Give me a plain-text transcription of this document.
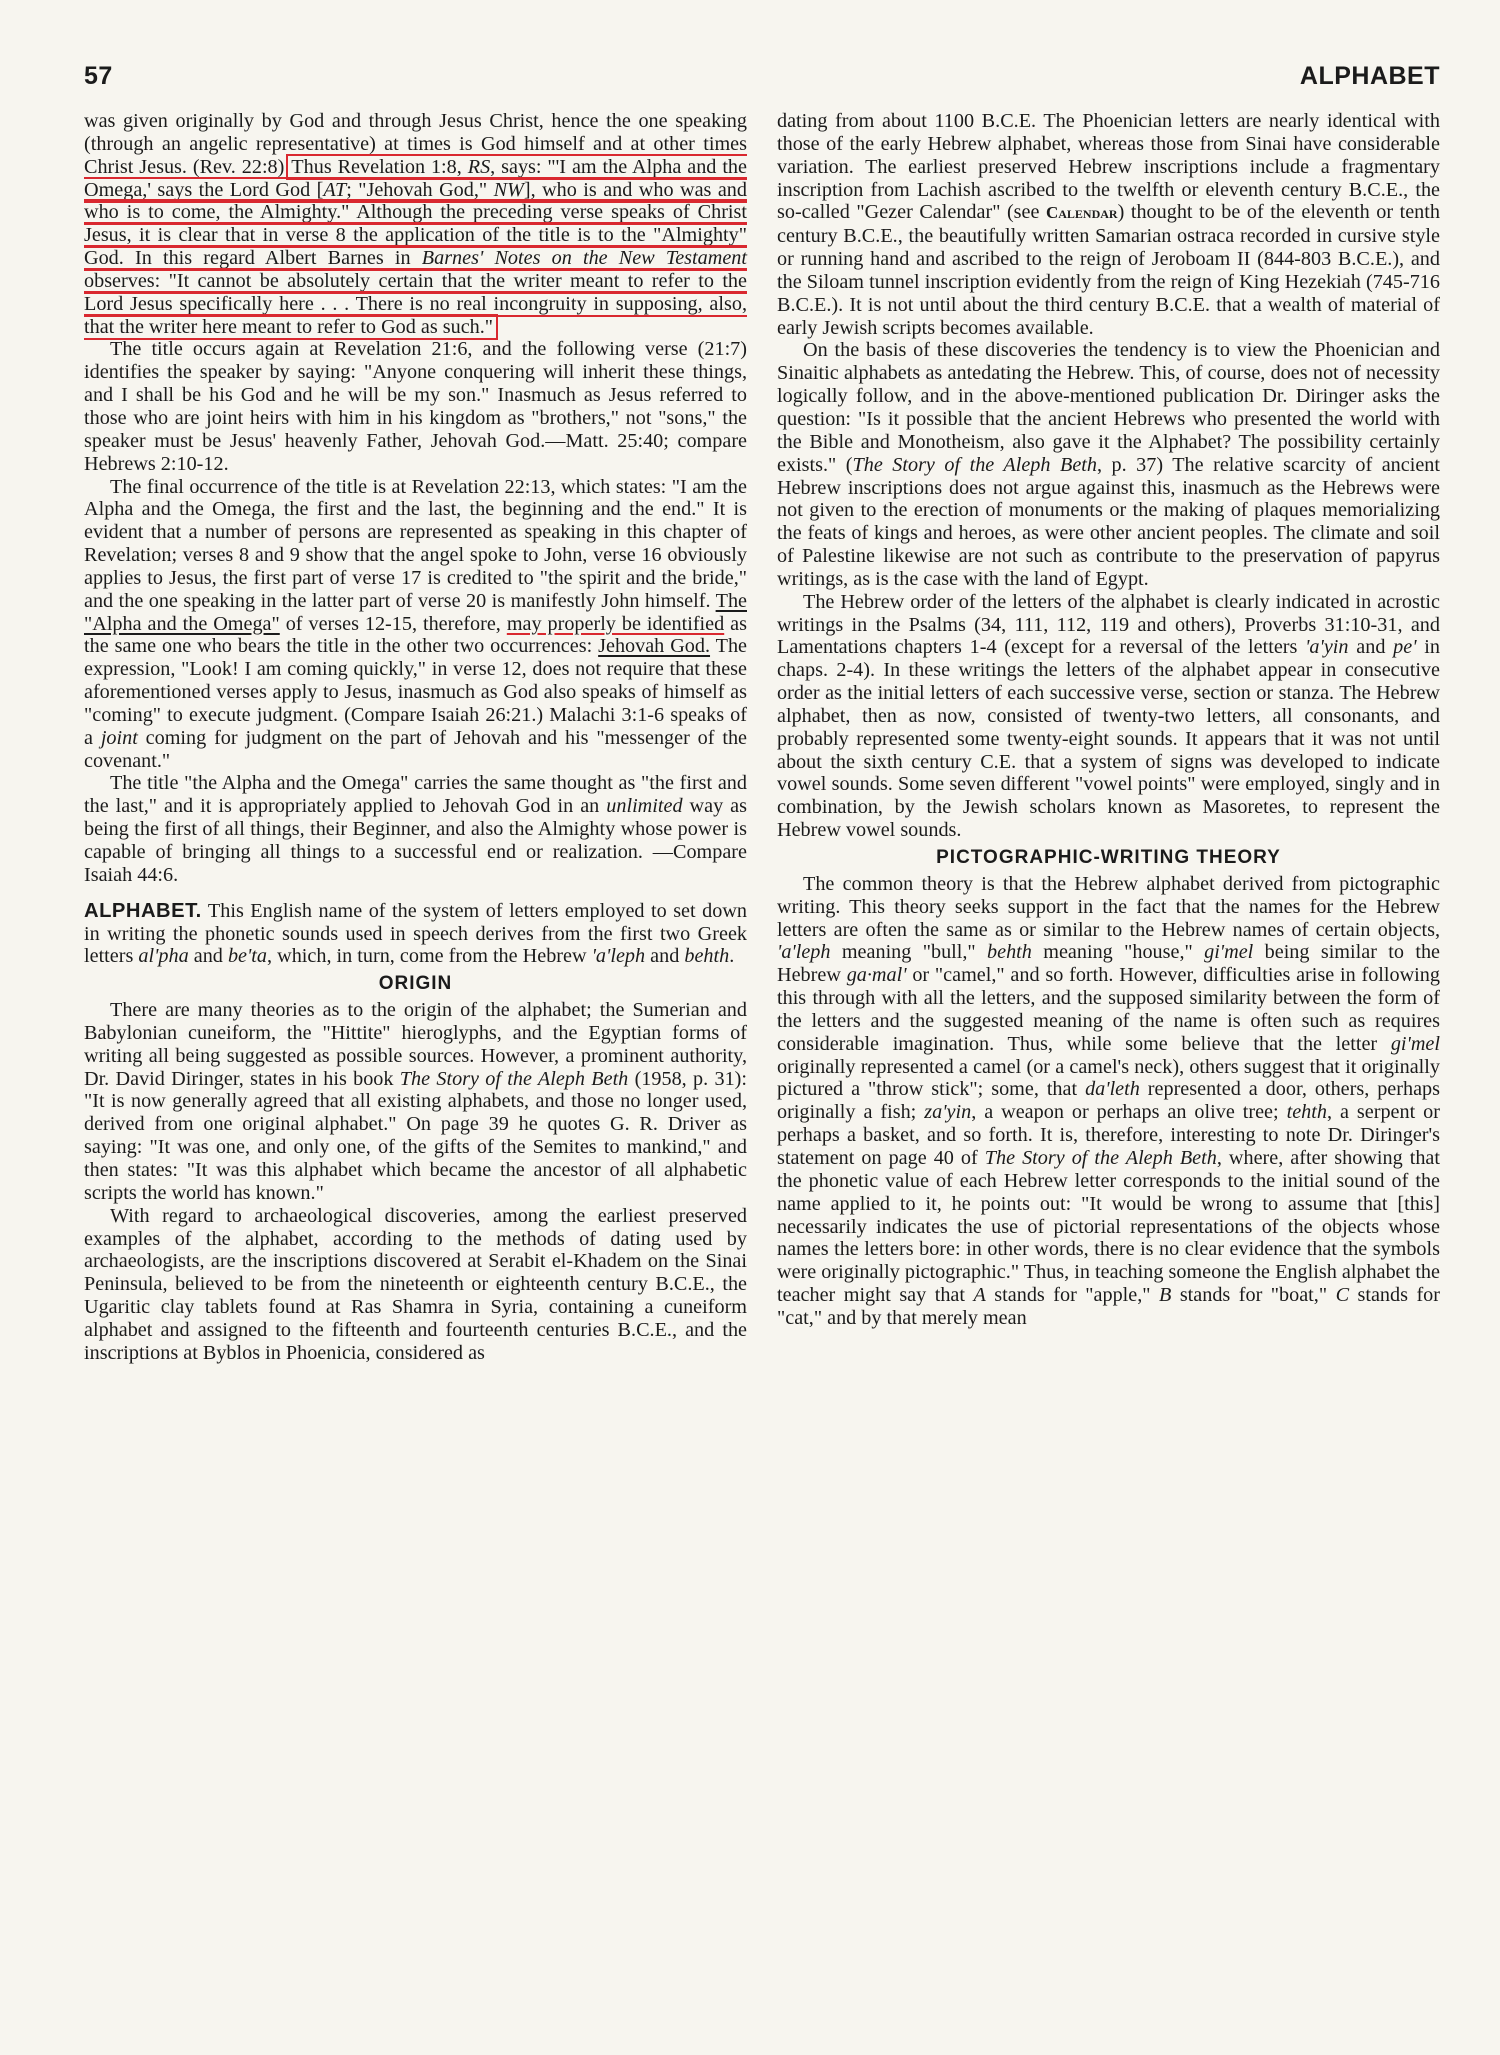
57	ALPHABET

was given originally by God and through Jesus Christ, hence the one speaking (through an angelic representative) at times is God himself and at other times Christ Jesus. (Rev. 22:8) Thus Revelation 1:8, RS, says: "'I am the Alpha and the Omega,' says the Lord God [AT; "Jehovah God," NW], who is and who was and who is to come, the Almighty." Although the preceding verse speaks of Christ Jesus, it is clear that in verse 8 the application of the title is to the "Almighty" God. In this regard Albert Barnes in Barnes' Notes on the New Testament observes: "It cannot be absolutely certain that the writer meant to refer to the Lord Jesus specifically here . . . There is no real incongruity in supposing, also, that the writer here meant to refer to God as such."

The title occurs again at Revelation 21:6, and the following verse (21:7) identifies the speaker by saying: "Anyone conquering will inherit these things, and I shall be his God and he will be my son." Inasmuch as Jesus referred to those who are joint heirs with him in his kingdom as "brothers," not "sons," the speaker must be Jesus' heavenly Father, Jehovah God.—Matt. 25:40; compare Hebrews 2:10-12.

The final occurrence of the title is at Revelation 22:13, which states: "I am the Alpha and the Omega, the first and the last, the beginning and the end." It is evident that a number of persons are represented as speaking in this chapter of Revelation; verses 8 and 9 show that the angel spoke to John, verse 16 obviously applies to Jesus, the first part of verse 17 is credited to "the spirit and the bride," and the one speaking in the latter part of verse 20 is manifestly John himself. The "Alpha and the Omega" of verses 12-15, therefore, may properly be identified as the same one who bears the title in the other two occurrences: Jehovah God. The expression, "Look! I am coming quickly," in verse 12, does not require that these aforementioned verses apply to Jesus, inasmuch as God also speaks of himself as "coming" to execute judgment. (Compare Isaiah 26:21.) Malachi 3:1-6 speaks of a joint coming for judgment on the part of Jehovah and his "messenger of the covenant."

The title "the Alpha and the Omega" carries the same thought as "the first and the last," and it is appropriately applied to Jehovah God in an unlimited way as being the first of all things, their Beginner, and also the Almighty whose power is capable of bringing all things to a successful end or realization. —Compare Isaiah 44:6.

ALPHABET. This English name of the system of letters employed to set down in writing the phonetic sounds used in speech derives from the first two Greek letters al'pha and be'ta, which, in turn, come from the Hebrew 'a'leph and behth.

ORIGIN

There are many theories as to the origin of the alphabet; the Sumerian and Babylonian cuneiform, the "Hittite" hieroglyphs, and the Egyptian forms of writing all being suggested as possible sources. However, a prominent authority, Dr. David Diringer, states in his book The Story of the Aleph Beth (1958, p. 31): "It is now generally agreed that all existing alphabets, and those no longer used, derived from one original alphabet." On page 39 he quotes G. R. Driver as saying: "It was one, and only one, of the gifts of the Semites to mankind," and then states: "It was this alphabet which became the ancestor of all alphabetic scripts the world has known."

With regard to archaeological discoveries, among the earliest preserved examples of the alphabet, according to the methods of dating used by archaeologists, are the inscriptions discovered at Serabit el-Khadem on the Sinai Peninsula, believed to be from the nineteenth or eighteenth century B.C.E., the Ugaritic clay tablets found at Ras Shamra in Syria, containing a cuneiform alphabet and assigned to the fifteenth and fourteenth centuries B.C.E., and the inscriptions at Byblos in Phoenicia, considered as

dating from about 1100 B.C.E. The Phoenician letters are nearly identical with those of the early Hebrew alphabet, whereas those from Sinai have considerable variation. The earliest preserved Hebrew inscriptions include a fragmentary inscription from Lachish ascribed to the twelfth or eleventh century B.C.E., the so-called "Gezer Calendar" (see Calendar) thought to be of the eleventh or tenth century B.C.E., the beautifully written Samarian ostraca recorded in cursive style or running hand and ascribed to the reign of Jeroboam II (844-803 B.C.E.), and the Siloam tunnel inscription evidently from the reign of King Hezekiah (745-716 B.C.E.). It is not until about the third century B.C.E. that a wealth of material of early Jewish scripts becomes available.

On the basis of these discoveries the tendency is to view the Phoenician and Sinaitic alphabets as antedating the Hebrew. This, of course, does not of necessity logically follow, and in the above-mentioned publication Dr. Diringer asks the question: "Is it possible that the ancient Hebrews who presented the world with the Bible and Monotheism, also gave it the Alphabet? The possibility certainly exists." (The Story of the Aleph Beth, p. 37) The relative scarcity of ancient Hebrew inscriptions does not argue against this, inasmuch as the Hebrews were not given to the erection of monuments or the making of plaques memorializing the feats of kings and heroes, as were other ancient peoples. The climate and soil of Palestine likewise are not such as contribute to the preservation of papyrus writings, as is the case with the land of Egypt.

The Hebrew order of the letters of the alphabet is clearly indicated in acrostic writings in the Psalms (34, 111, 112, 119 and others), Proverbs 31:10-31, and Lamentations chapters 1-4 (except for a reversal of the letters 'a'yin and pe' in chaps. 2-4). In these writings the letters of the alphabet appear in consecutive order as the initial letters of each successive verse, section or stanza. The Hebrew alphabet, then as now, consisted of twenty-two letters, all consonants, and probably represented some twenty-eight sounds. It appears that it was not until about the sixth century C.E. that a system of signs was developed to indicate vowel sounds. Some seven different "vowel points" were employed, singly and in combination, by the Jewish scholars known as Masoretes, to represent the Hebrew vowel sounds.

PICTOGRAPHIC-WRITING THEORY

The common theory is that the Hebrew alphabet derived from pictographic writing. This theory seeks support in the fact that the names for the Hebrew letters are often the same as or similar to the Hebrew names of certain objects, 'a'leph meaning "bull," behth meaning "house," gi'mel being similar to the Hebrew ga·mal' or "camel," and so forth. However, difficulties arise in following this through with all the letters, and the supposed similarity between the form of the letters and the suggested meaning of the name is often such as requires considerable imagination. Thus, while some believe that the letter gi'mel originally represented a camel (or a camel's neck), others suggest that it originally pictured a "throw stick"; some, that da'leth represented a door, others, perhaps originally a fish; za'yin, a weapon or perhaps an olive tree; tehth, a serpent or perhaps a basket, and so forth. It is, therefore, interesting to note Dr. Diringer's statement on page 40 of The Story of the Aleph Beth, where, after showing that the phonetic value of each Hebrew letter corresponds to the initial sound of the name applied to it, he points out: "It would be wrong to assume that [this] necessarily indicates the use of pictorial representations of the objects whose names the letters bore: in other words, there is no clear evidence that the symbols were originally pictographic." Thus, in teaching someone the English alphabet the teacher might say that A stands for "apple," B stands for "boat," C stands for "cat," and by that merely mean
